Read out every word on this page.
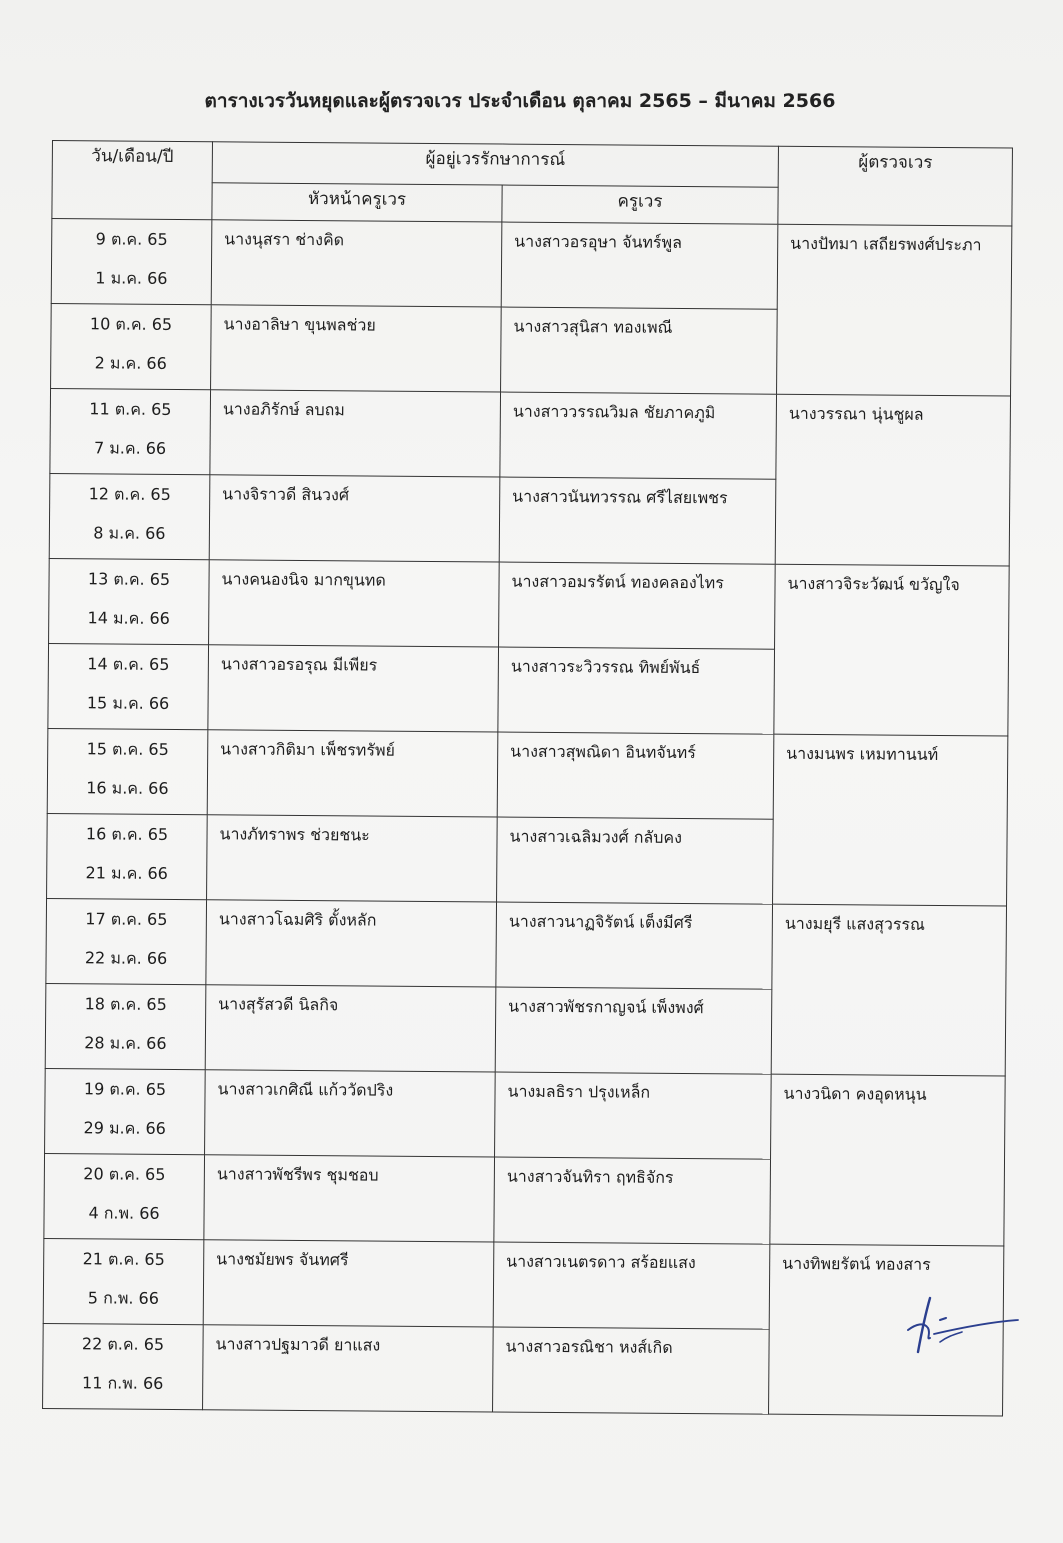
ตารางเวรวันหยุดและผู้ตรวจเวร ประจำเดือน ตุลาคม 2565 – มีนาคม 2566
วัน/เดือน/ปี	ผู้อยู่เวรรักษาการณ์		ผู้ตรวจเวร
	หัวหน้าครูเวร	ครูเวร	

9 ต.ค. 65
1 ม.ค. 66	นางนุสรา ช่างคิด	นางสาวอรอุษา จันทร์พูล	นางปัทมา เสถียรพงศ์ประภา

10 ต.ค. 65
2 ม.ค. 66	นางอาลิษา ขุนพลช่วย	นางสาวสุนิสา ทองเพณี	

11 ต.ค. 65
7 ม.ค. 66	นางอภิรักษ์ ลบถม	นางสาววรรณวิมล ชัยภาคภูมิ	นางวรรณา นุ่นชูผล

12 ต.ค. 65
8 ม.ค. 66	นางจิราวดี สินวงศ์	นางสาวนันทวรรณ ศรีไสยเพชร	

13 ต.ค. 65
14 ม.ค. 66	นางคนองนิจ มากขุนทด	นางสาวอมรรัตน์ ทองคลองไทร	นางสาวจิระวัฒน์ ขวัญใจ

14 ต.ค. 65
15 ม.ค. 66	นางสาวอรอรุณ มีเพียร	นางสาวระวิวรรณ ทิพย์พันธ์	

15 ต.ค. 65
16 ม.ค. 66	นางสาวกิติมา เพ็ชรทรัพย์	นางสาวสุพณิดา อินทจันทร์	นางมนพร เหมทานนท์

16 ต.ค. 65
21 ม.ค. 66	นางภัทราพร ช่วยชนะ	นางสาวเฉลิมวงศ์ กลับคง	

17 ต.ค. 65
22 ม.ค. 66	นางสาวโฉมศิริ ตั้งหลัก	นางสาวนาฏจิรัตน์ เต็งมีศรี	นางมยุรี แสงสุวรรณ

18 ต.ค. 65
28 ม.ค. 66	นางสุรัสวดี นิลกิจ	นางสาวพัชรกาญจน์ เพ็งพงศ์	

19 ต.ค. 65
29 ม.ค. 66	นางสาวเกศิณี แก้ววัดปริง	นางมลธิรา ปรุงเหล็ก	นางวนิดา คงอุดหนุน

20 ต.ค. 65
4 ก.พ. 66	นางสาวพัชรีพร ชุมชอบ	นางสาวจันทิรา ฤทธิจักร	

21 ต.ค. 65
5 ก.พ. 66	นางชมัยพร จันทศรี	นางสาวเนตรดาว สร้อยแสง	นางทิพยรัตน์ ทองสาร

22 ต.ค. 65
11 ก.พ. 66	นางสาวปฐมาวดี ยาแสง	นางสาวอรณิชา หงส์เกิด	
